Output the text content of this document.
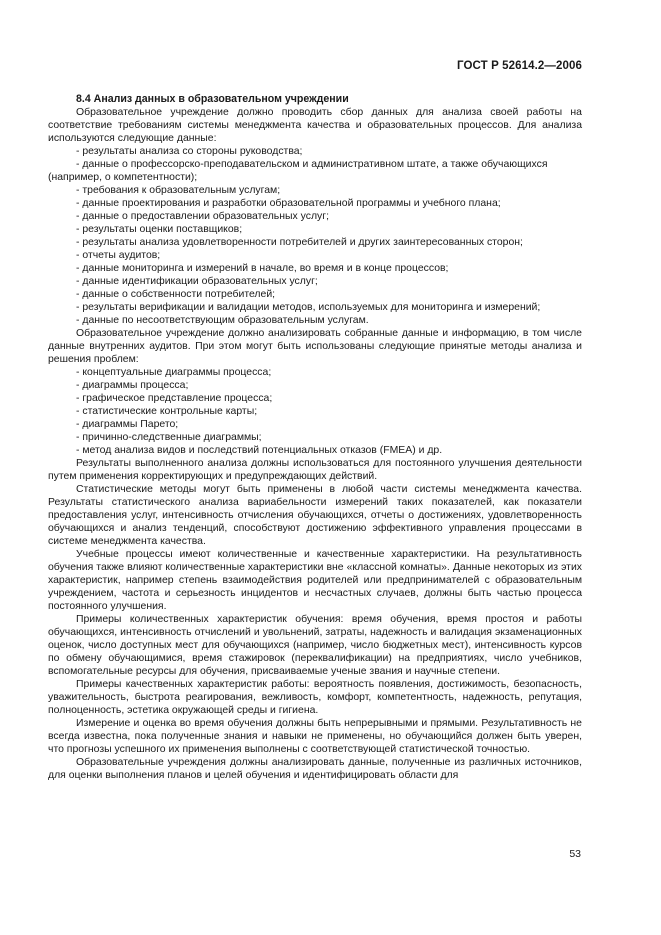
ГОСТ Р 52614.2—2006

8.4 Анализ данных в образовательном учреждении

Образовательное учреждение должно проводить сбор данных для анализа своей работы на соответствие требованиям системы менеджмента качества и образовательных процессов. Для анализа используются следующие данные:

- результаты анализа со стороны руководства;

- данные о профессорско-преподавательском и административном штате, а также обучающихся

(например, о компетентности);

- требования к образовательным услугам;

- данные проектирования и разработки образовательной программы и учебного плана;

- данные о предоставлении образовательных услуг;

- результаты оценки поставщиков;

- результаты анализа удовлетворенности потребителей и других заинтересованных сторон;

- отчеты аудитов;

- данные мониторинга и измерений в начале, во время и в конце процессов;

- данные идентификации образовательных услуг;

- данные о собственности потребителей;

- результаты верификации и валидации методов, используемых для мониторинга и измерений;

- данные по несоответствующим образовательным услугам.

Образовательное учреждение должно анализировать собранные данные и информацию, в том числе данные внутренних аудитов. При этом могут быть использованы следующие принятые методы анализа и решения проблем:

- концептуальные диаграммы процесса;

- диаграммы процесса;

- графическое представление процесса;

- статистические контрольные карты;

- диаграммы Парето;

- причинно-следственные диаграммы;

- метод анализа видов и последствий потенциальных отказов (FMEA) и др.

Результаты выполненного анализа должны использоваться для постоянного улучшения деятельности путем применения корректирующих и предупреждающих действий.

Статистические методы могут быть применены в любой части системы менеджмента качества. Результаты статистического анализа вариабельности измерений таких показателей, как показатели предоставления услуг, интенсивность отчисления обучающихся, отчеты о достижениях, удовлетворенность обучающихся и анализ тенденций, способствуют достижению эффективного управления процессами в системе менеджмента качества.

Учебные процессы имеют количественные и качественные характеристики. На результативность обучения также влияют количественные характеристики вне «классной комнаты». Данные некоторых из этих характеристик, например степень взаимодействия родителей или предпринимателей с образовательным учреждением, частота и серьезность инцидентов и несчастных случаев, должны быть частью процесса постоянного улучшения.

Примеры количественных характеристик обучения: время обучения, время простоя и работы обучающихся, интенсивность отчислений и увольнений, затраты, надежность и валидация экзаменационных оценок, число доступных мест для обучающихся (например, число бюджетных мест), интенсивность курсов по обмену обучающимися, время стажировок (переквалификации) на предприятиях, число учебников, вспомогательные ресурсы для обучения, присваиваемые ученые звания и научные степени.

Примеры качественных характеристик работы: вероятность появления, достижимость, безопасность, уважительность, быстрота реагирования, вежливость, комфорт, компетентность, надежность, репутация, полноценность, эстетика окружающей среды и гигиена.

Измерение и оценка во время обучения должны быть непрерывными и прямыми. Результативность не всегда известна, пока полученные знания и навыки не применены, но обучающийся должен быть уверен, что прогнозы успешного их применения выполнены с соответствующей статистической точностью.

Образовательные учреждения должны анализировать данные, полученные из различных источников, для оценки выполнения планов и целей обучения и идентифицировать области для

53
